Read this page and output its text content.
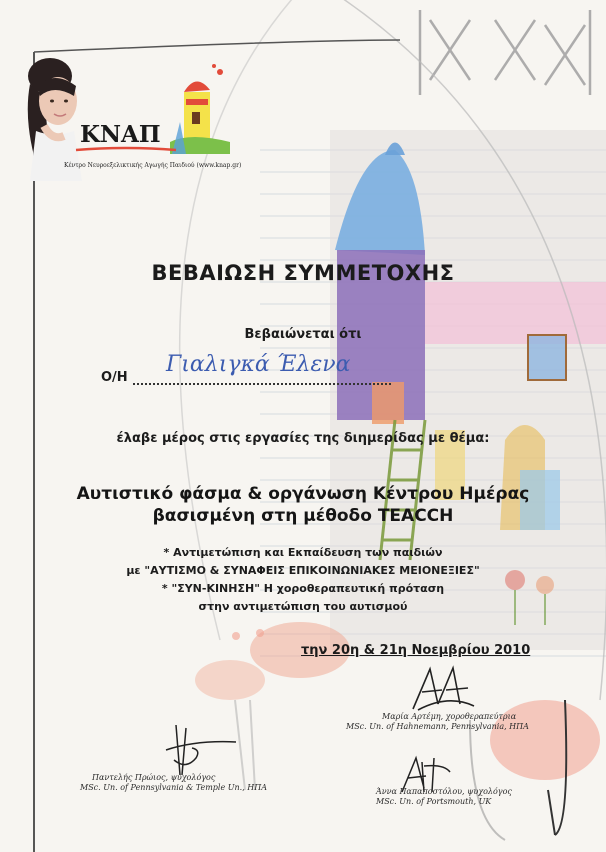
ΚΝΑΠ
Κέντρο Νευροεξελικτικής Αγωγής Παιδιού (www.knap.gr)
ΒΕΒΑΙΩΣΗ ΣΥΜΜΕΤΟΧΗΣ
Βεβαιώνεται ότι
Ο/Η
Γιαλιγκά Έλενα
έλαβε μέρος στις εργασίες της διημερίδας με θέμα:
Αυτιστικό φάσμα & οργάνωση Κέντρου Ημέρας
βασισμένη στη μέθοδο TEACCH
* Αντιμετώπιση και Εκπαίδευση των παιδιών
με "ΑΥΤΙΣΜΟ & ΣΥΝΑΦΕΙΣ ΕΠΙΚΟΙΝΩΝΙΑΚΕΣ ΜΕΙΟΝΕΞΙΕΣ"
* "ΣΥΝ-ΚΙΝΗΣΗ" Η χοροθεραπευτική πρόταση
στην αντιμετώπιση του αυτισμού
την 20η & 21η Νοεμβρίου 2010
Μαρία Αρτέμη, χοροθεραπεύτρια
MSc. Un. of Hahnemann, Pennsylvania, ΗΠΑ
Παντελής Πρώιος, ψυχολόγος
MSc. Un. of Pennsylvania & Temple Un., ΗΠΑ	Άννα Παπαποστόλου, ψυχολόγος
MSc. Un. of Portsmouth, UK
